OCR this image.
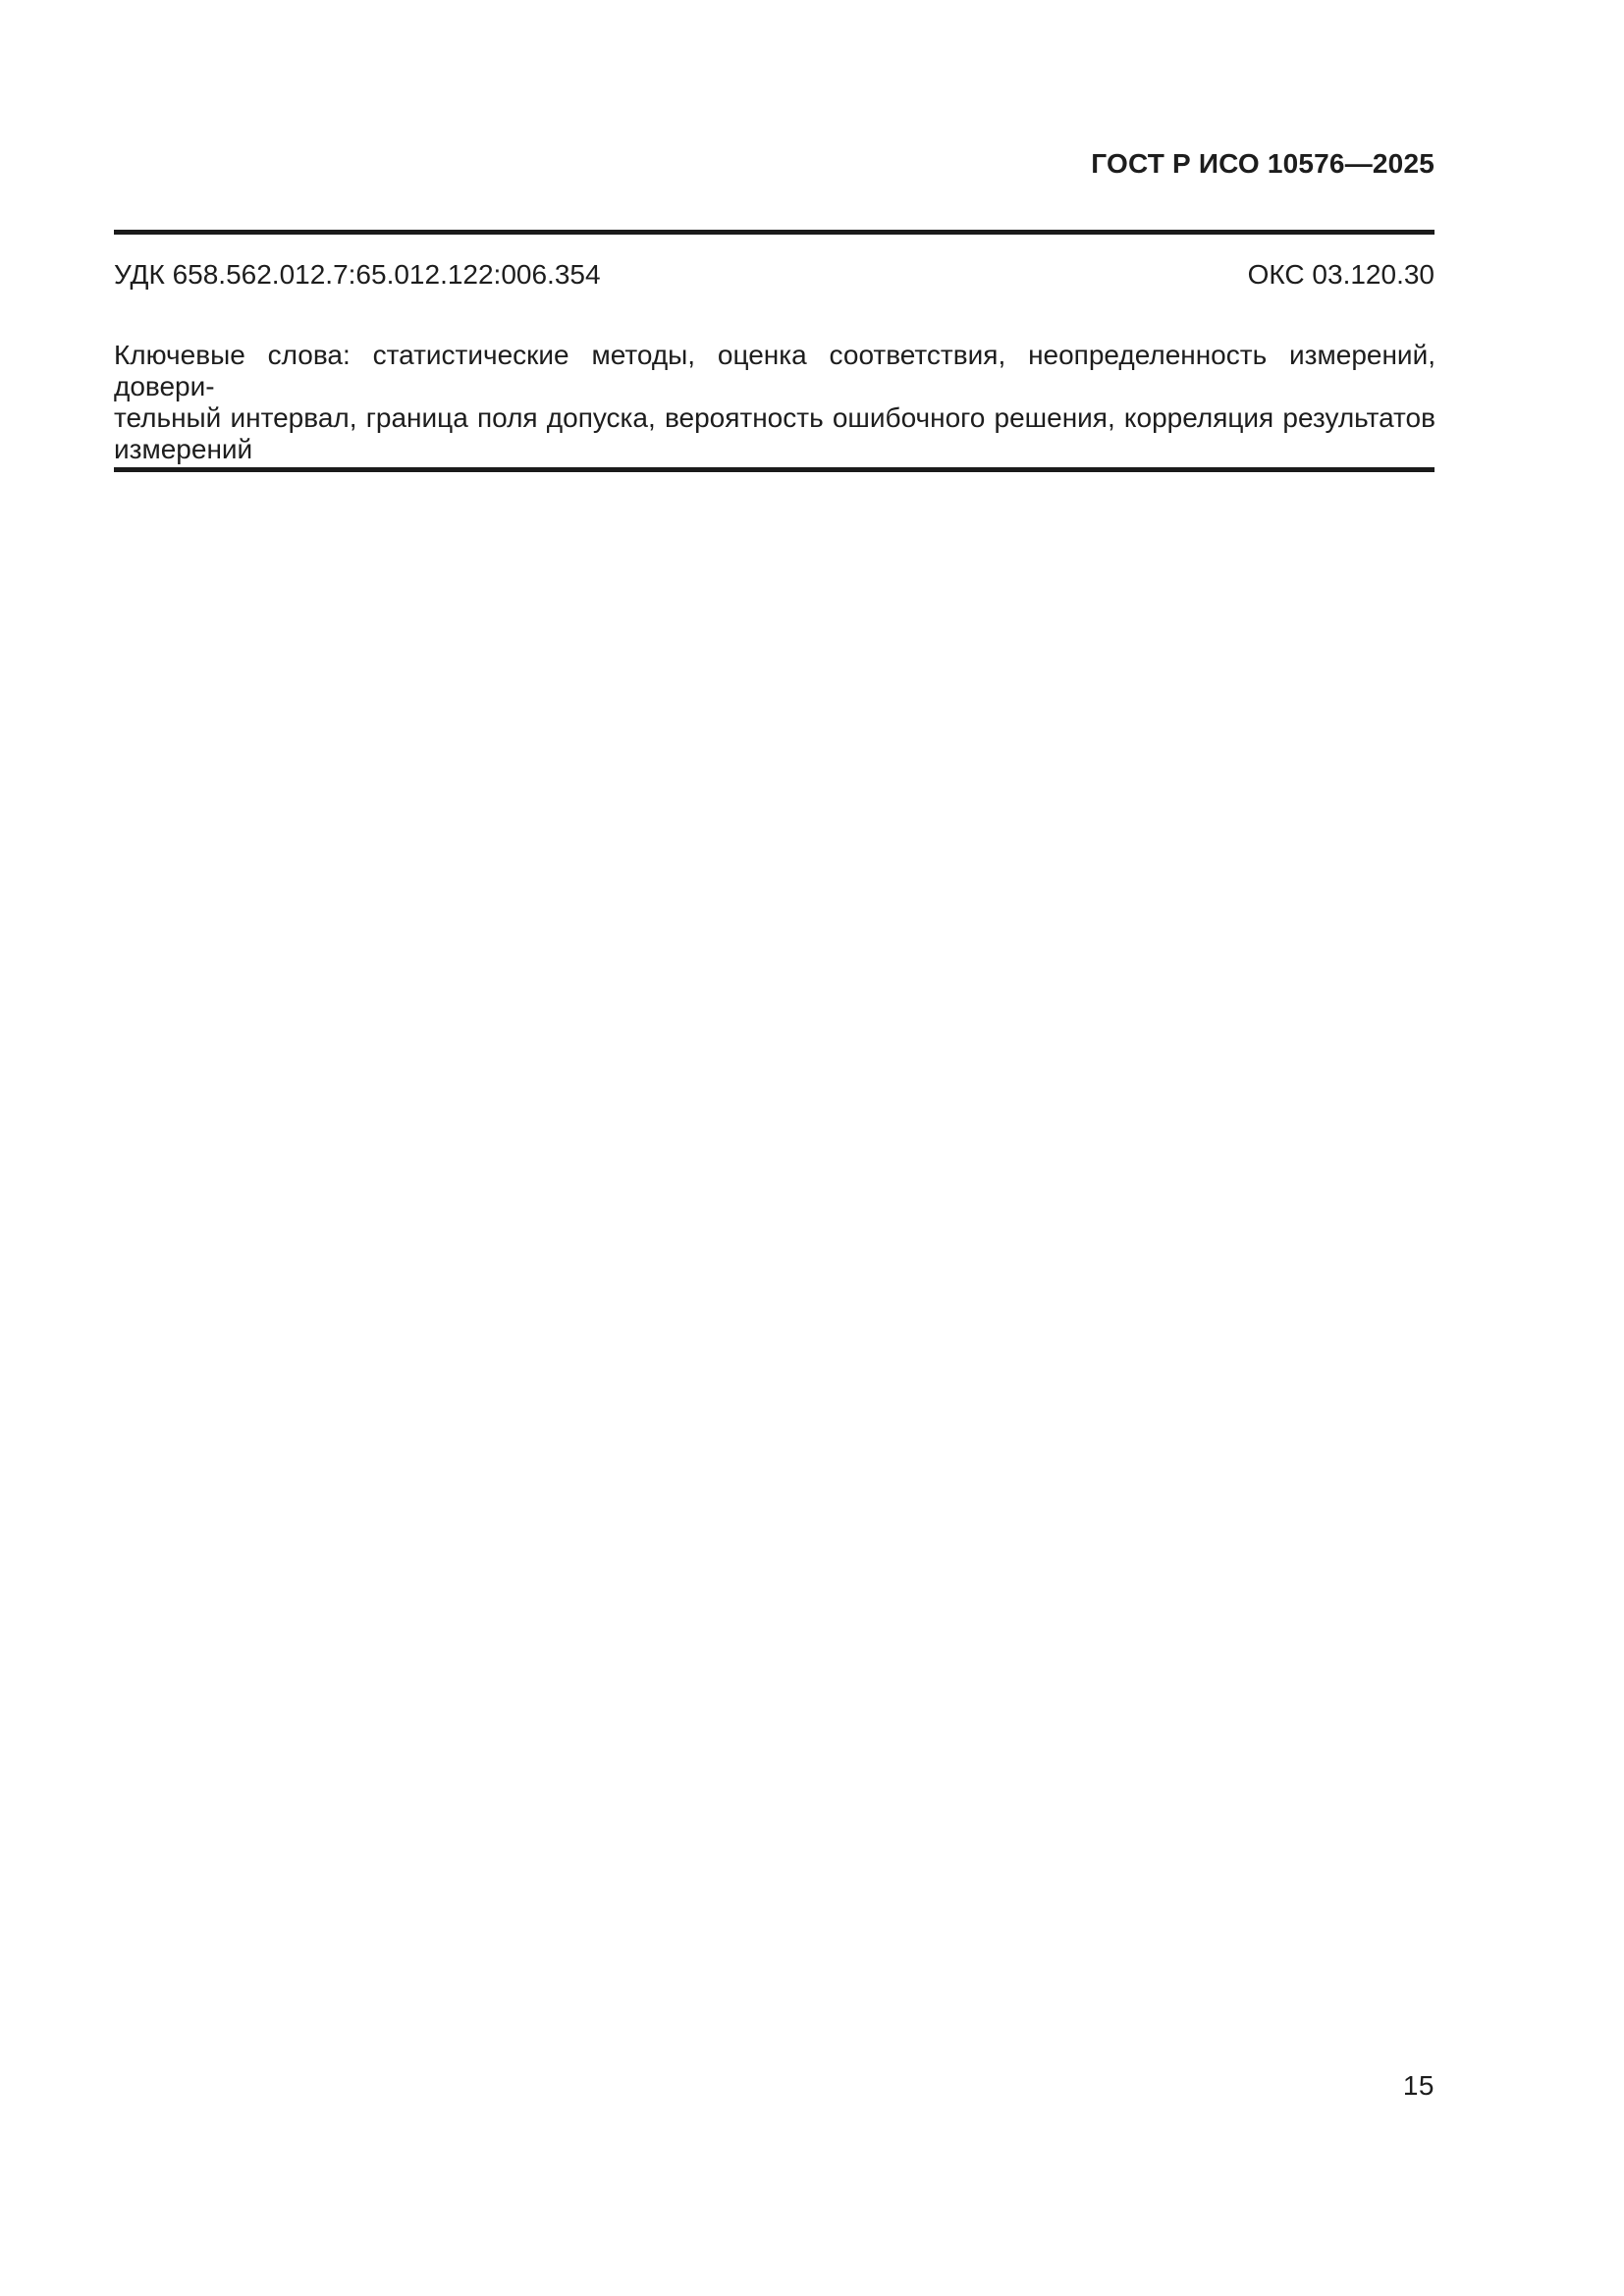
ГОСТ Р ИСО 10576—2025
УДК 658.562.012.7:65.012.122:006.354	ОКС 03.120.30
Ключевые слова: статистические методы, оценка соответствия, неопределенность измерений, довери-
тельный интервал, граница поля допуска, вероятность ошибочного решения, корреляция результатов
измерений
15
